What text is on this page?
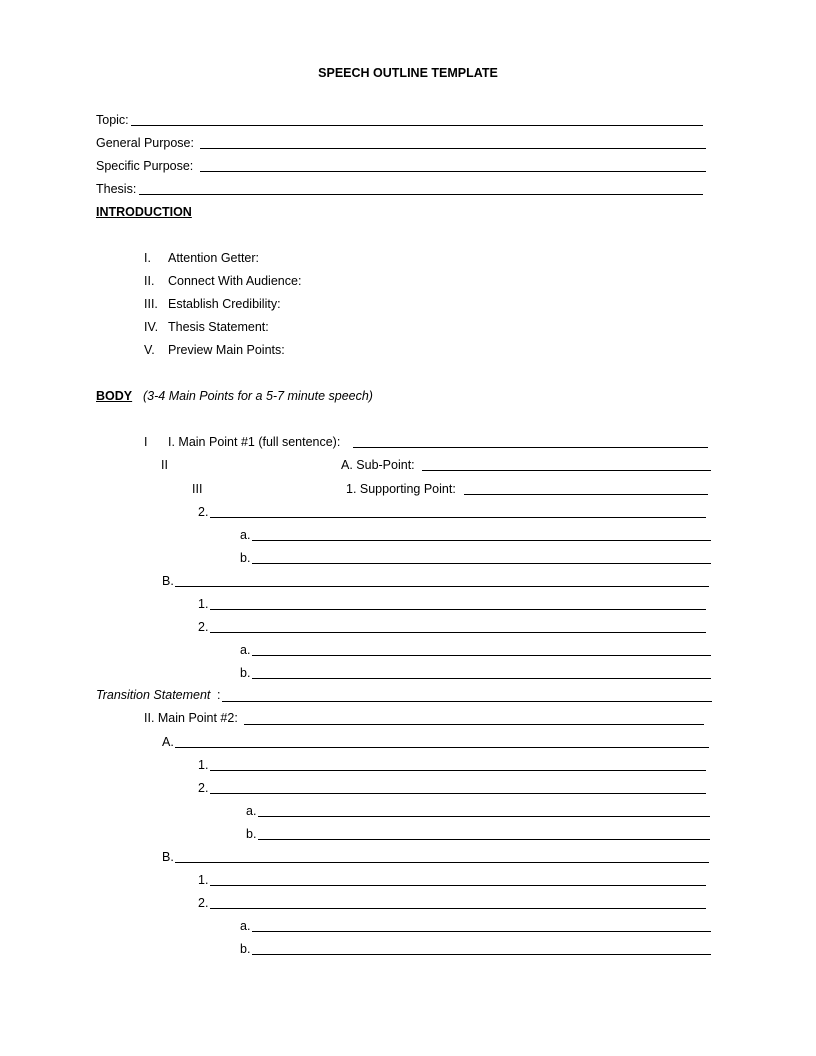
SPEECH OUTLINE TEMPLATE
Topic:
General Purpose:
Specific Purpose:
Thesis:
INTRODUCTION
I. Attention Getter:
II. Connect With Audience:
III. Establish Credibility:
IV. Thesis Statement:
V. Preview Main Points:
BODY (3-4 Main Points for a 5-7 minute speech)
I I. Main Point #1 (full sentence):
II	A. Sub-Point:
III	1. Supporting Point:
2.
a.
b.
B.
1.
2.
a.
b.
Transition Statement :
II. Main Point #2:
A.
1.
2.
a.
b.
B.
1.
2.
a.
b.
